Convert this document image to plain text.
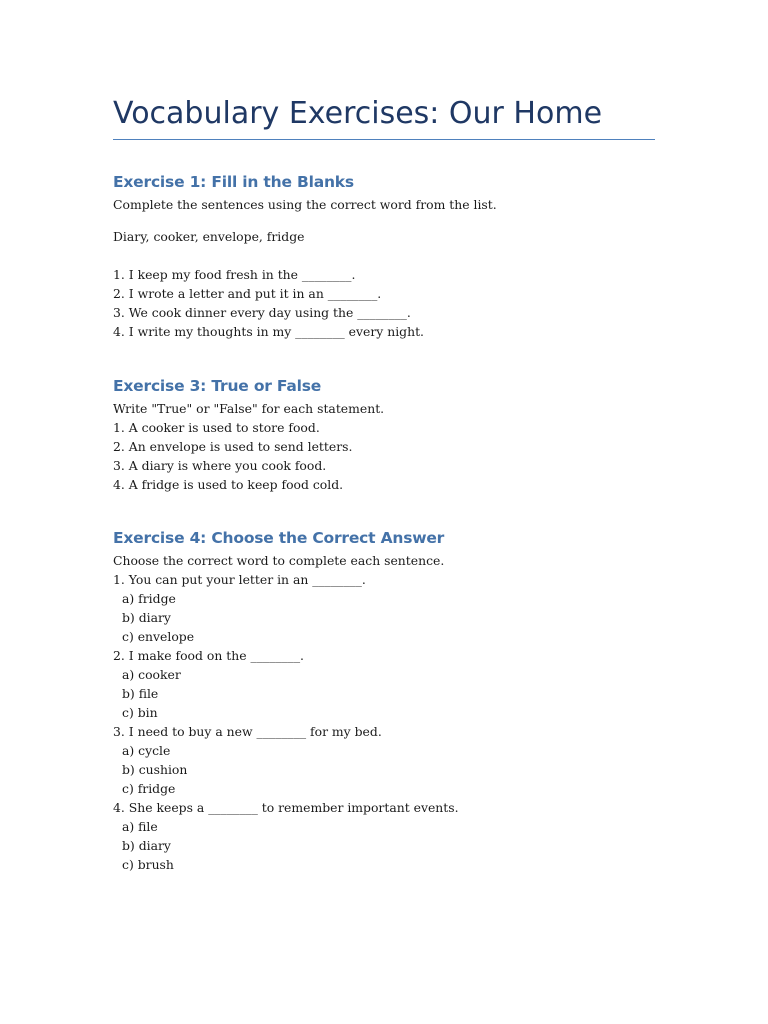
Vocabulary Exercises: Our Home
Exercise 1: Fill in the Blanks
Complete the sentences using the correct word from the list.
Diary, cooker, envelope, fridge
1. I keep my food fresh in the ________.
2. I wrote a letter and put it in an ________.
3. We cook dinner every day using the ________.
4. I write my thoughts in my ________ every night.
Exercise 3: True or False
Write "True" or "False" for each statement.
1. A cooker is used to store food.
2. An envelope is used to send letters.
3. A diary is where you cook food.
4. A fridge is used to keep food cold.
Exercise 4: Choose the Correct Answer
Choose the correct word to complete each sentence.
1. You can put your letter in an ________.
a) fridge
b) diary
c) envelope
2. I make food on the ________.
a) cooker
b) file
c) bin
3. I need to buy a new ________ for my bed.
a) cycle
b) cushion
c) fridge
4. She keeps a ________ to remember important events.
a) file
b) diary
c) brush
